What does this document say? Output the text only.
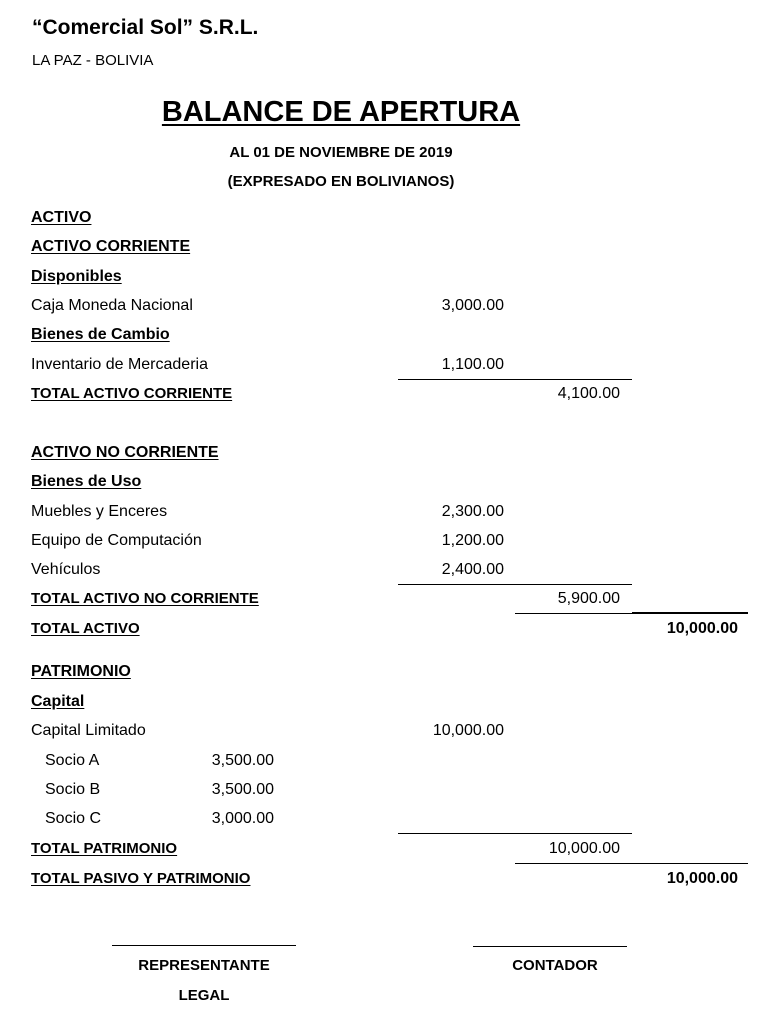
“Comercial Sol” S.R.L.
LA PAZ - BOLIVIA
BALANCE DE APERTURA
AL 01 DE NOVIEMBRE DE 2019
(EXPRESADO EN BOLIVIANOS)
ACTIVO
ACTIVO CORRIENTE
Disponibles
Caja Moneda Nacional	3,000.00
Bienes de Cambio
Inventario de Mercaderia	1,100.00
TOTAL ACTIVO CORRIENTE	4,100.00
ACTIVO NO CORRIENTE
Bienes de Uso
Muebles y Enceres	2,300.00
Equipo de Computación	1,200.00
Vehículos	2,400.00
TOTAL ACTIVO NO CORRIENTE	5,900.00
TOTAL ACTIVO	10,000.00
PATRIMONIO
Capital
Capital Limitado	10,000.00
Socio A	3,500.00
Socio B	3,500.00
Socio C	3,000.00
TOTAL PATRIMONIO	10,000.00
TOTAL PASIVO Y PATRIMONIO	10,000.00
REPRESENTANTE
LEGAL
CONTADOR
